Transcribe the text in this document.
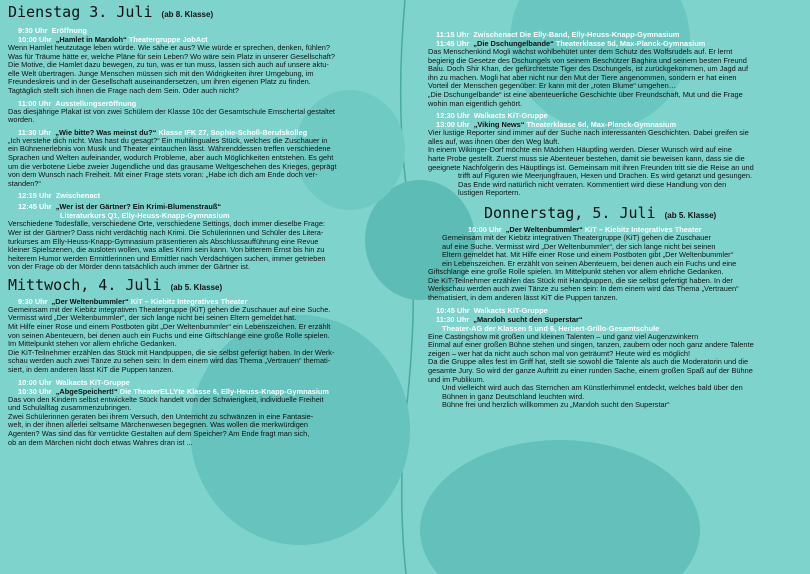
Dienstag 3. Juli (ab 8. Klasse)
9:30 Uhr Eröffnung
10:00 Uhr „Hamlet in Marxloh“ Theatergruppe JobAct
Wenn Hamlet heutzutage leben würde. Wie sähe er aus? Wie würde er sprechen, denken, fühlen?
Was für Träume hätte er, welche Pläne für sein Leben? Wo wäre sein Platz in unserer Gesellschaft?
Die Motive, die Hamlet dazu bewegen, zu tun, was er tun muss, lassen sich auch auf unsere aktu-
elle Welt übertragen. Junge Menschen müssen sich mit den Widrigkeiten ihrer Umgebung, im
Freundeskreis und in der Gesellschaft auseinandersetzen, um ihren eigenen Platz zu finden.
Tagtäglich stellt sich ihnen die Frage nach dem Sein. Oder auch nicht?
11:00 Uhr Ausstellungseröffnung
Das diesjährige Plakat ist von zwei Schülern der Klasse 10c der Gesamtschule Emschertal gestaltet
worden.
11:30 Uhr „Wie bitte? Was meinst du?“ Klasse IFK 27, Sophie-Scholl-Berufskolleg
„Ich verstehe dich nicht. Was hast du gesagt?“ Ein multilinguales Stück, welches die Zuschauer in
ein Bühnenerlebnis von Musik und Theater eintauchen lässt. Währenddessen treffen verschiedene
Sprachen und Welten aufeinander, wodurch Probleme, aber auch Möglichkeiten entstehen. Es geht
um die verbotene Liebe zweier Jugendliche und das grausame Weltgeschehen des Krieges, geprägt
von dem Wunsch nach Freiheit. Mit einer Frage stets voran: „Habe ich dich am Ende doch ver-
standen?“
12:15 Uhr Zwischenact
12:45 Uhr „Wer ist der Gärtner? Ein Krimi-Blumenstrauß“
Literaturkurs Q1, Elly-Heuss-Knapp-Gymnasium
Verschiedene Todesfälle, verschiedene Orte, verschiedene Settings, doch immer dieselbe Frage:
Wer ist der Gärtner? Dass nicht verdächtig nach Krimi. Die Schülerinnen und Schüler des Litera-
turkurses am Elly-Heuss-Knapp-Gymnasium präsentieren als Abschlussaufführung eine Revue
kleiner Spielszenen, die ausloten wollen, was alles Krimi sein kann. Von bitterem Ernst bis hin zu
heiterem Humor werden Ermittlerinnen und Ermittler nach Verdächtigen suchen, immer getrieben
von der Frage ob der Mörder denn tatsächlich auch immer der Gärtner ist.
Mittwoch, 4. Juli (ab 5. Klasse)
9:30 Uhr „Der Weltenbummler“ KiT – Kiebitz Integratives Theater
Gemeinsam mit der Kiebitz integrativen Theatergruppe (KiT) gehen die Zuschauer auf eine Suche.
Vermisst wird „Der Weltenbummler“, der sich lange nicht bei seinen Eltern gemeldet hat.
Mit Hilfe einer Rose und einem Postboten gibt „Der Weltenbummler“ ein Lebenszeichen. Er erzählt
von seinen Abenteuern, bei denen auch ein Fuchs und eine Giftschlange eine große Rolle spielen.
Im Mittelpunkt stehen vor allem ehrliche Gedanken.
Die KiT-Teilnehmer erzählen das Stück mit Handpuppen, die sie selbst gefertigt haben. In der Werk-
schau werden auch zwei Tänze zu sehen sein: In dem einem wird das Thema „Vertrauen“ themati-
siert, in dem anderen lässt KiT die Puppen tanzen.
10:00 Uhr Walkacts KiT-Gruppe
10:30 Uhr „AbgeSpeichert!“ Die TheaterELLYte Klasse 6, Elly-Heuss-Knapp-Gymnasium
Das von den Kindern selbst entwickelte Stück handelt von der Schwierigkeit, individuelle Freiheit
und Schulalltag zusammenzubringen.
Zwei Schülerinnen geraten bei ihrem Versuch, den Unterricht zu schwänzen in eine Fantasie-
welt, in der ihnen allerlei seltsame Märchenwesen begegnen. Was wollen die merkwürdigen
Agenten? Was sind das für verrückte Gestalten auf dem Speicher? Am Ende fragt man sich,
ob an dem Märchen nicht doch etwas Wahres dran ist ...
11:15 Uhr Zwischenact Die Elly-Band, Elly-Heuss-Knapp-Gymnasium
11:45 Uhr „Die Dschungelbande“ Theaterklasse 5d, Max-Planck-Gymnasium
Das Menschenkind Mogli wächst wohlbehütet unter dem Schutz des Wolfsrudels auf. Er lernt
begierig die Gesetze des Dschungels von seinem Beschützer Baghira und seinem besten Freund
Balu. Doch Shir Khan, der gefürchtetste Tiger des Dschungels, ist zurückgekommen, um Jagd auf
ihn zu machen. Mogli hat aber nicht nur den Mut der Tiere angenommen, sondern er hat einen
Vorteil der Menschen gegenüber: Er kann mit der „roten Blume“ umgehen…
„Die Dschungelbande“ ist eine abenteuerliche Geschichte über Freundschaft, Mut und die Frage
wohin man eigentlich gehört.
12:30 Uhr Walkacts KiT-Gruppe
13:00 Uhr „Viking News“ Theaterklasse 6d, Max-Planck-Gymnasium
Vier lustige Reporter sind immer auf der Suche nach interessanten Geschichten. Dabei greifen sie
alles auf, was ihnen über den Weg läuft.
In einem Wikinger-Dorf möchte ein Mädchen Häuptling werden. Dieser Wunsch wird auf eine
harte Probe gestellt. Zuerst muss sie Abenteuer bestehen, damit sie beweisen kann, dass sie die
geeignete Nachfolgerin des Häuptlings ist. Gemeinsam mit ihren Freunden tritt sie die Reise an und
trifft auf Figuren wie Meerjungfrauen, Hexen und Drachen. Es wird getanzt und gesungen.
Das Ende wird natürlich nicht verraten. Kommentiert wird diese Handlung von den
lustigen Reportern.
Donnerstag, 5. Juli (ab 5. Klasse)
10:00 Uhr „Der Weltenbummler“ KiT – Kiebitz Integratives Theater
Gemeinsam mit der Kiebitz integrativen Theatergruppe (KiT) gehen die Zuschauer
auf eine Suche. Vermisst wird „Der Weltenbummler“, der sich lange nicht bei seinen
Eltern gemeldet hat. Mit Hilfe einer Rose und einem Postboten gibt „Der Weltenbummler“
ein Lebenszeichen. Er erzählt von seinen Abenteuern, bei denen auch ein Fuchs und eine
Giftschlange eine große Rolle spielen. Im Mittelpunkt stehen vor allem ehrliche Gedanken.
Die KiT-Teilnehmer erzählen das Stück mit Handpuppen, die sie selbst gefertigt haben. In der
Werkschau werden auch zwei Tänze zu sehen sein: In dem einem wird das Thema „Vertrauen“
thematisiert, in dem anderen lässt KiT die Puppen tanzen.
10:45 Uhr Walkacts KiT-Gruppe
11:30 Uhr „Marxloh sucht den Superstar“
Theater-AG der Klassen 5 und 6, Herbert-Grillo-Gesamtschule
Eine Castingshow mit großen und kleinen Talenten – und ganz viel Augenzwinkern
Einmal auf einer großen Bühne stehen und singen, tanzen, zaubern oder noch ganz andere Talente
zeigen – wer hat da nicht auch schon mal von geträumt? Heute wird es möglich!
Da die Gruppe alles fest im Griff hat, stellt sie sowohl die Talente als auch die Moderatorin und die
gesamte Jury. So wird der ganze Auftritt zu einer runden Sache, einem großen Spaß auf der Bühne
und im Publikum.
Und vielleicht wird auch das Sternchen am Künstlerhimmel entdeckt, welches bald über den
Bühnen in ganz Deutschland leuchten wird.
Bühne frei und herzlich willkommen zu „Marxloh sucht den Superstar“
